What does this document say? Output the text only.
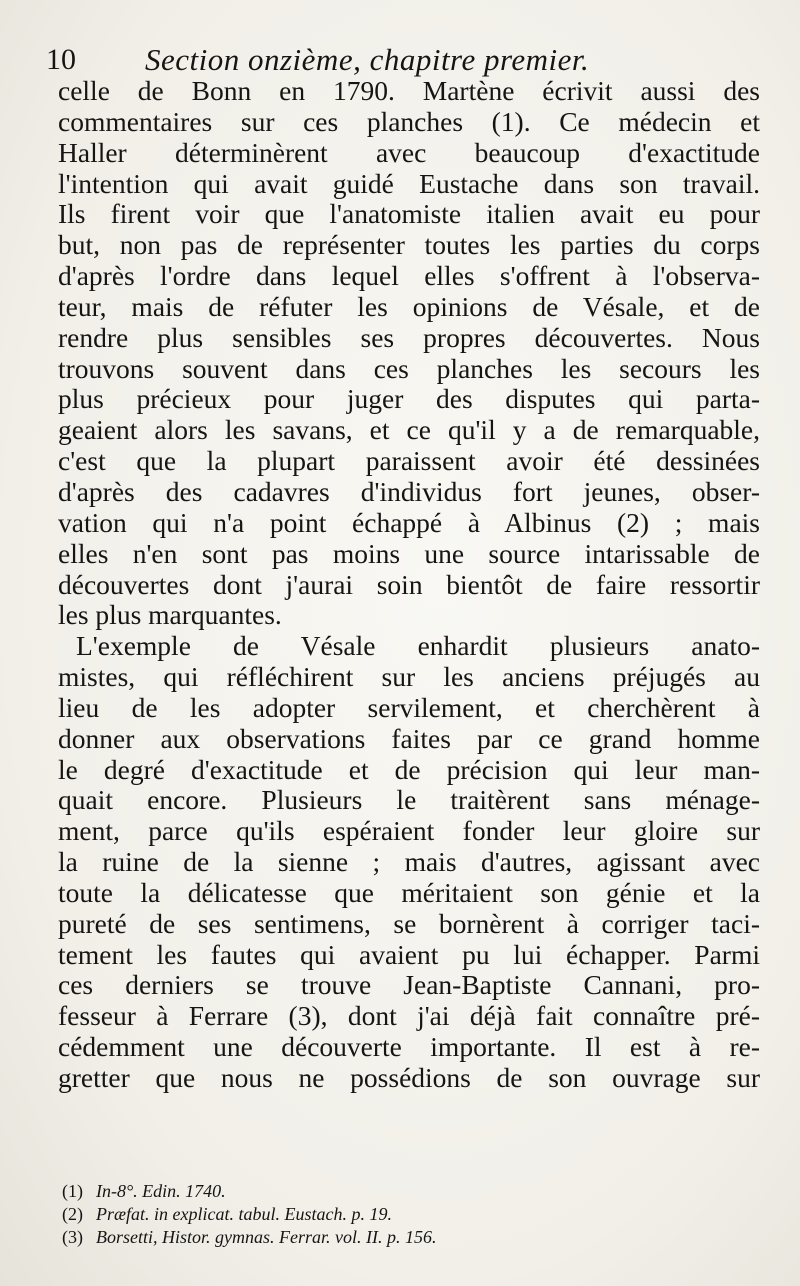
10 Section onzième, chapitre premier.
celle de Bonn en 1790. Martène écrivit aussi des
commentaires sur ces planches (1). Ce médecin et
Haller déterminèrent avec beaucoup d'exactitude
l'intention qui avait guidé Eustache dans son travail.
Ils firent voir que l'anatomiste italien avait eu pour
but, non pas de représenter toutes les parties du corps
d'après l'ordre dans lequel elles s'offrent à l'observa-
teur, mais de réfuter les opinions de Vésale, et de
rendre plus sensibles ses propres découvertes. Nous
trouvons souvent dans ces planches les secours les
plus précieux pour juger des disputes qui parta-
geaient alors les savans, et ce qu'il y a de remarquable,
c'est que la plupart paraissent avoir été dessinées
d'après des cadavres d'individus fort jeunes, obser-
vation qui n'a point échappé à Albinus (2) ; mais
elles n'en sont pas moins une source intarissable de
découvertes dont j'aurai soin bientôt de faire ressortir
les plus marquantes.
L'exemple de Vésale enhardit plusieurs anato-
mistes, qui réfléchirent sur les anciens préjugés au
lieu de les adopter servilement, et cherchèrent à
donner aux observations faites par ce grand homme
le degré d'exactitude et de précision qui leur man-
quait encore. Plusieurs le traitèrent sans ménage-
ment, parce qu'ils espéraient fonder leur gloire sur
la ruine de la sienne ; mais d'autres, agissant avec
toute la délicatesse que méritaient son génie et la
pureté de ses sentimens, se bornèrent à corriger taci-
tement les fautes qui avaient pu lui échapper. Parmi
ces derniers se trouve Jean-Baptiste Cannani, pro-
fesseur à Ferrare (3), dont j'ai déjà fait connaître pré-
cédemment une découverte importante. Il est à re-
gretter que nous ne possédions de son ouvrage sur
(1) In-8°. Edin. 1740.
(2) Præfat. in explicat. tabul. Eustach. p. 19.
(3) Borsetti, Histor. gymnas. Ferrar. vol. II. p. 156.
